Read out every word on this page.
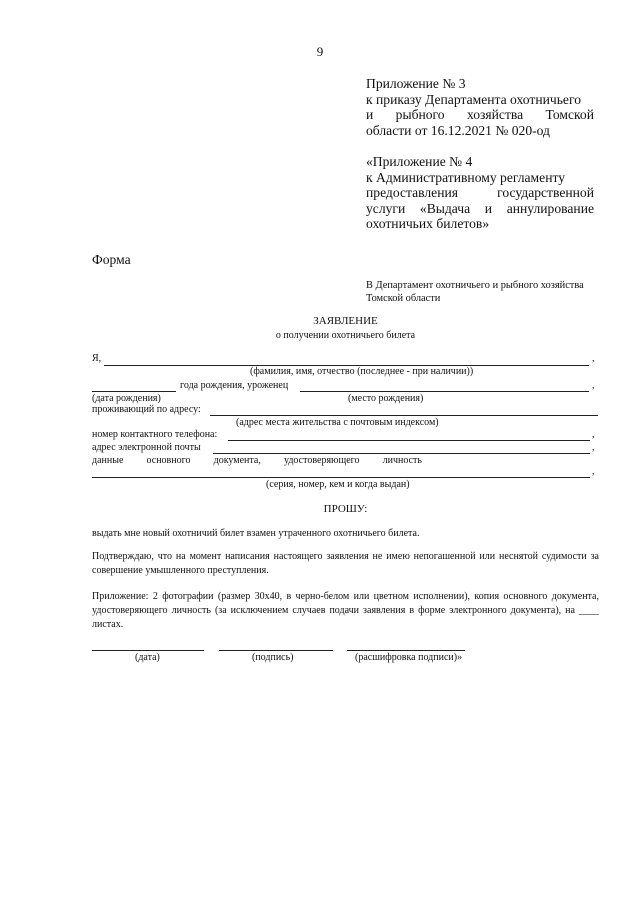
9
Приложение № 3
к приказу Департамента охотничьего
и рыбного хозяйства Томской
области от 16.12.2021 № 020-од
«Приложение № 4
к Административному регламенту
предоставления государственной
услуги «Выдача и аннулирование
охотничьих билетов»
Форма
В Департамент охотничьего и рыбного хозяйства
Томской области
ЗАЯВЛЕНИЕ
о получении охотничьего билета
Я,	,
(фамилия, имя, отчество (последнее - при наличии))
года рождения, уроженец	,
(дата рождения)	(место рождения)
проживающий по адресу:
(адрес места жительства с почтовым индексом)
номер контактного телефона:	,
адрес электронной почты	,
данные основного документа, удостоверяющего личность
,
(серия, номер, кем и когда выдан)
ПРОШУ:
выдать мне новый охотничий билет взамен утраченного охотничьего билета.
Подтверждаю, что на момент написания настоящего заявления не имею непогашенной или неснятой судимости за совершение умышленного преступления.
Приложение: 2 фотографии (размер 30х40, в черно-белом или цветном исполнении), копия основного документа, удостоверяющего личность (за исключением случаев подачи заявления в форме электронного документа), на ____ листах.
(дата)	(подпись)	(расшифровка подписи)»
